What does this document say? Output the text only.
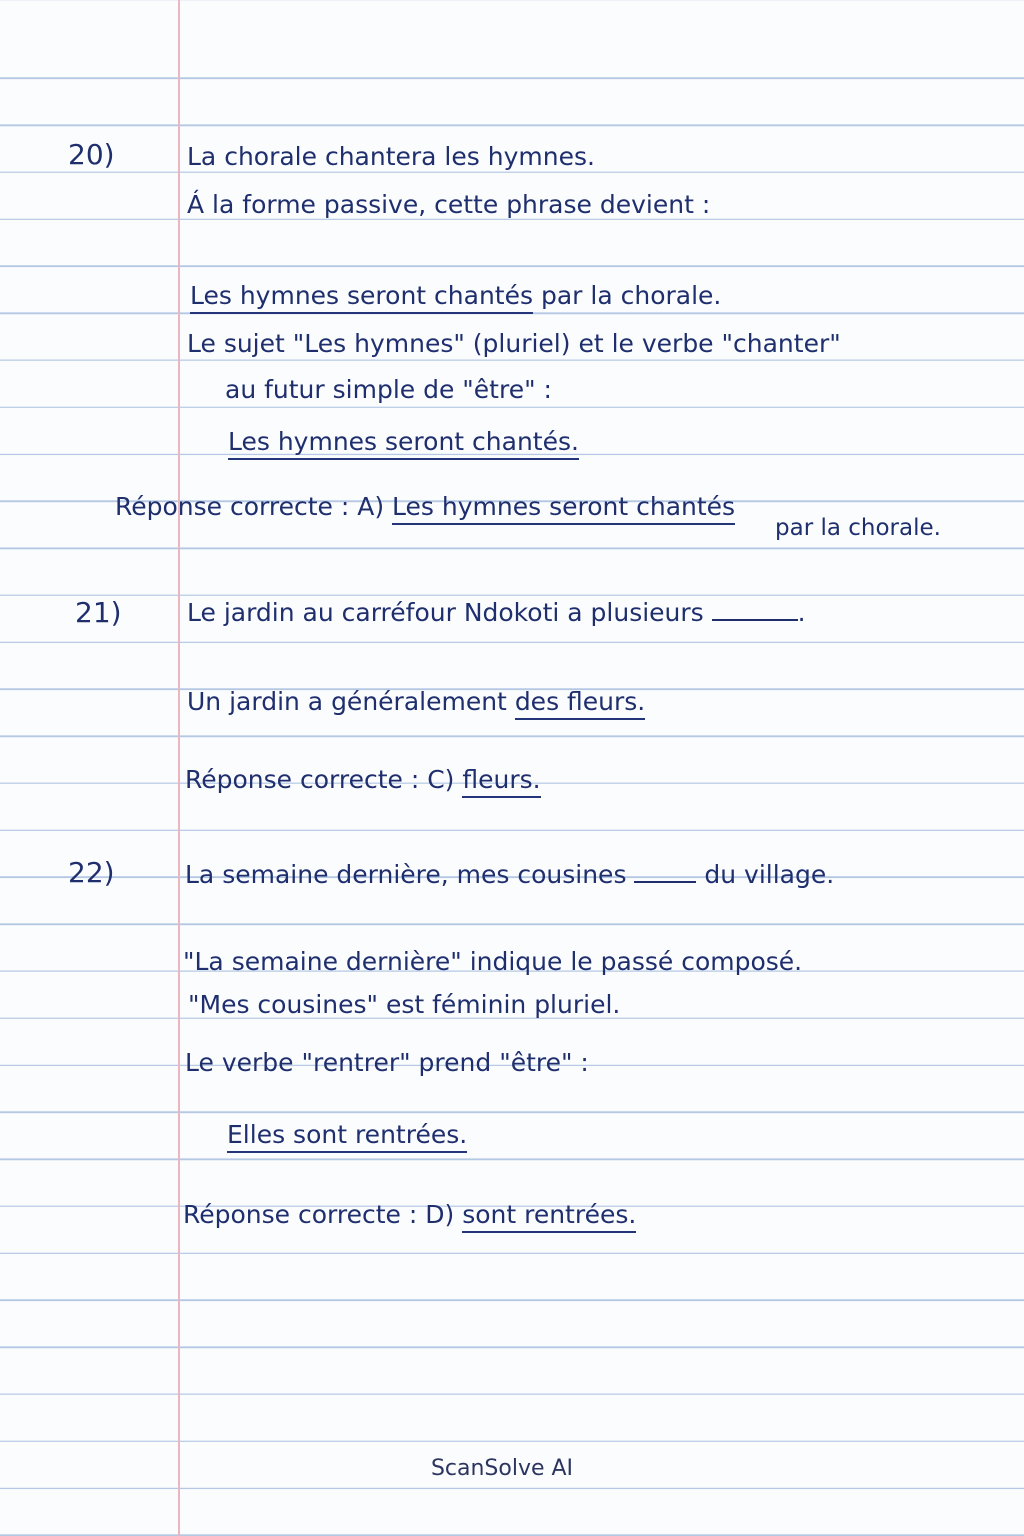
20)	La chorale chantera les hymnes.
Á la forme passive, cette phrase devient :
Les hymnes seront chantés par la chorale.
Le sujet "Les hymnes" (pluriel) et le verbe "chanter"
au futur simple de "être" :
Les hymnes seront chantés.
Réponse correcte : A) Les hymnes seront chantés
par la chorale.
21)	Le jardin au carréfour Ndokoti a plusieurs	.
Un jardin a généralement des fleurs.
Réponse correcte : C) fleurs.
22)	La semaine dernière, mes cousines	du village.
"La semaine dernière" indique le passé composé.
"Mes cousines" est féminin pluriel.
Le verbe "rentrer" prend "être" :
Elles sont rentrées.
Réponse correcte : D) sont rentrées.
ScanSolve AI
